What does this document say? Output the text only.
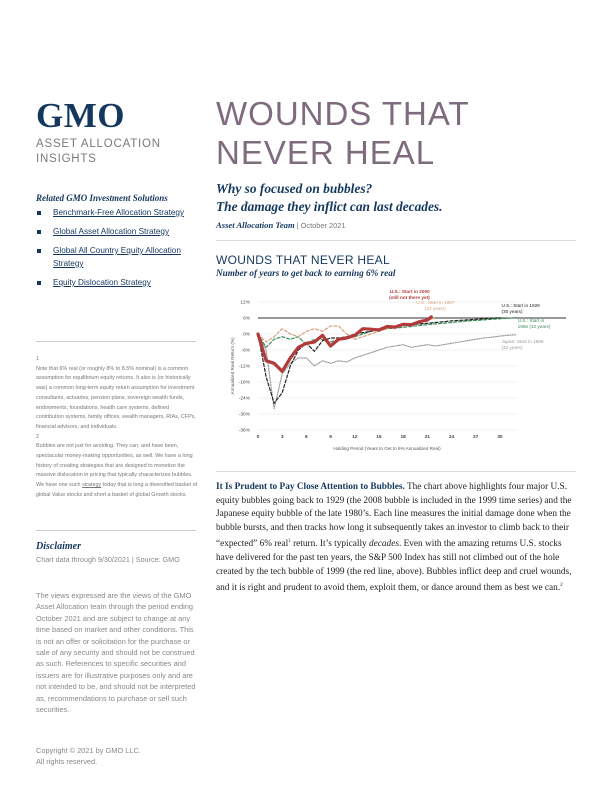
GMO
ASSET ALLOCATION
INSIGHTS
Related GMO Investment Solutions
Benchmark-Free Allocation Strategy
Global Asset Allocation Strategy
Global All Country Equity Allocation Strategy
Equity Dislocation Strategy
1
Note that 6% real (or roughly 8% to 8.5% nominal) is a common assumption for equilibrium equity returns. It also is (or historically was) a common long-term equity return assumption for investment consultants, actuaries, pension plans, sovereign wealth funds, endowments, foundations, health care systems, defined contribution systems, family offices, wealth managers, RIAs, CFPs, financial advisors, and individuals.
2
Bubbles are not just for avoiding. They can, and have been, spectacular money-making opportunities, as well. We have a long history of creating strategies that are designed to monetize the massive dislocation in pricing that typically characterizes bubbles. We have one such strategy today that is long a diversified basket of global Value stocks and short a basket of global Growth stocks.
Disclaimer
Chart data through 9/30/2021 | Source: GMO
The views expressed are the views of the GMO Asset Allocation team through the period ending October 2021 and are subject to change at any time based on market and other conditions. This is not an offer or solicitation for the purchase or sale of any security and should not be construed as such. References to specific securities and issuers are for illustrative purposes only and are not intended to be, and should not be interpreted as, recommendations to purchase or sell such securities.
Copyright © 2021 by GMO LLC.
All rights reserved.
WOUNDS THAT
NEVER HEAL
Why so focused on bubbles?
The damage they inflict can last decades.
Asset Allocation Team | October 2021
WOUNDS THAT NEVER HEAL
Number of years to get back to earning 6% real
12%
6%
0%
-6%
-12%
-18%
-24%
-30%
-36%
0	3	6	9	12	15	18	21	24	27	30
U.S.: Start in 2000
(still not there yet)
U.S.: Start in 1987
(22 years)
U.S.: Start in 1929
(30 years)
U.S.: Start in
1966 (32 years)
Japan: Start in 1989
(32 years)
Holding Period (Years to Get to 6% Annualized Real)
Annualized Real Return (%)

It Is Prudent to Pay Close Attention to Bubbles. The chart above highlights four major U.S. equity bubbles going back to 1929 (the 2008 bubble is included in the 1999 time series) and the Japanese equity bubble of the late 1980’s. Each line measures the initial damage done when the bubble bursts, and then tracks how long it subsequently takes an investor to climb back to their “expected” 6% real$^1$ return. It’s typically decades. Even with the amazing returns U.S. stocks have delivered for the past ten years, the S&P 500 Index has still not climbed out of the hole created by the tech bubble of 1999 (the red line, above). Bubbles inflict deep and cruel wounds, and it is right and prudent to avoid them, exploit them, or dance around them as best we can.$^2$
